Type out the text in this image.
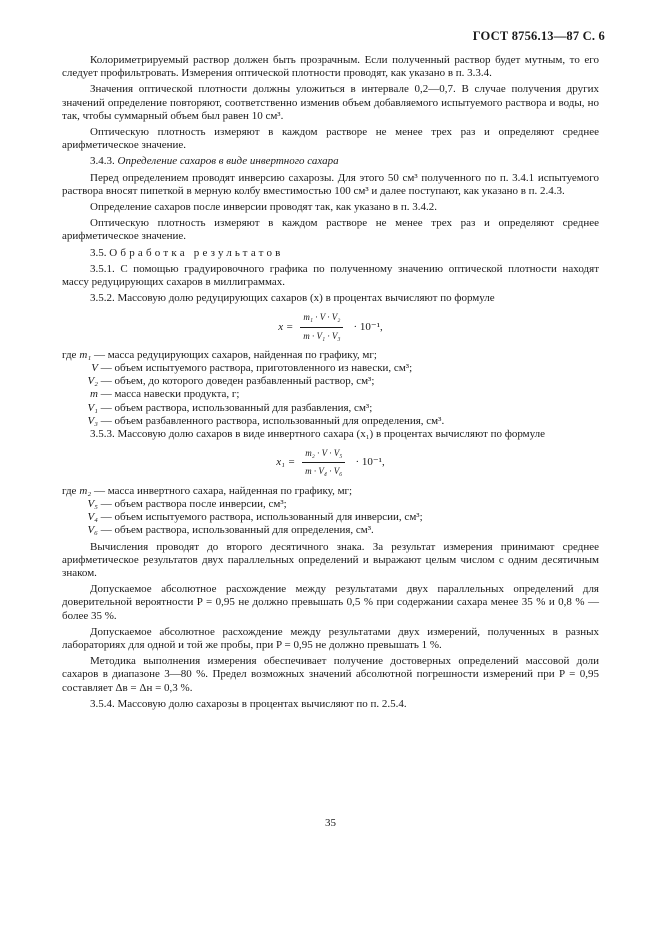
ГОСТ 8756.13—87 С. 6

Колориметрируемый раствор должен быть прозрачным. Если полученный раствор будет мутным, то его следует профильтровать. Измерения оптической плотности проводят, как указано в п. 3.3.4.

Значения оптической плотности должны уложиться в интервале 0,2—0,7. В случае получения других значений определение повторяют, соответственно изменив объем добавляемого испытуемого раствора и воды, но так, чтобы суммарный объем был равен 10 см³.

Оптическую плотность измеряют в каждом растворе не менее трех раз и определяют среднее арифметическое значение.

3.4.3. Определение сахаров в виде инвертного сахара

Перед определением проводят инверсию сахарозы. Для этого 50 см³ полученного по п. 3.4.1 испытуемого раствора вносят пипеткой в мерную колбу вместимостью 100 см³ и далее поступают, как указано в п. 2.4.3.

Определение сахаров после инверсии проводят так, как указано в п. 3.4.2.

Оптическую плотность измеряют в каждом растворе не менее трех раз и определяют среднее арифметическое значение.

3.5. Обработка результатов

3.5.1. С помощью градуировочного графика по полученному значению оптической плотности находят массу редуцирующих сахаров в миллиграммах.

3.5.2. Массовую долю редуцирующих сахаров (x) в процентах вычисляют по формуле

$x = \frac{\text{m₁ · V · V₂}}{\text{m · V₁ · V₃}} \cdot 10^{-1}$,

где m₁ — масса редуцирующих сахаров, найденная по графику, мг;

V — объем испытуемого раствора, приготовленного из навески, см³;

V₂ — объем, до которого доведен разбавленный раствор, см³;

m — масса навески продукта, г;

V₁ — объем раствора, использованный для разбавления, см³;

V₃ — объем разбавленного раствора, использованный для определения, см³.

3.5.3. Массовую долю сахаров в виде инвертного сахара (x₁) в процентах вычисляют по формуле

$x_1 = \frac{\text{m₂ · V · V₅}}{\text{m · V₄ · V₆}} \cdot 10^{-1}$,

где m₂ — масса инвертного сахара, найденная по графику, мг;

V₅ — объем раствора после инверсии, см³;

V₄ — объем испытуемого раствора, использованный для инверсии, см³;

V₆ — объем раствора, использованный для определения, см³.

Вычисления проводят до второго десятичного знака. За результат измерения принимают среднее арифметическое результатов двух параллельных определений и выражают целым числом с одним десятичным знаком.

Допускаемое абсолютное расхождение между результатами двух параллельных определений для доверительной вероятности P = 0,95 не должно превышать 0,5 % при содержании сахара менее 35 % и 0,8 % — более 35 %.

Допускаемое абсолютное расхождение между результатами двух измерений, полученных в разных лабораториях для одной и той же пробы, при P = 0,95 не должно превышать 1 %.

Методика выполнения измерения обеспечивает получение достоверных определений массовой доли сахаров в диапазоне 3—80 %. Предел возможных значений абсолютной погрешности измерений при P = 0,95 составляет Δв = Δн = 0,3 %.

3.5.4. Массовую долю сахарозы в процентах вычисляют по п. 2.5.4.

35
